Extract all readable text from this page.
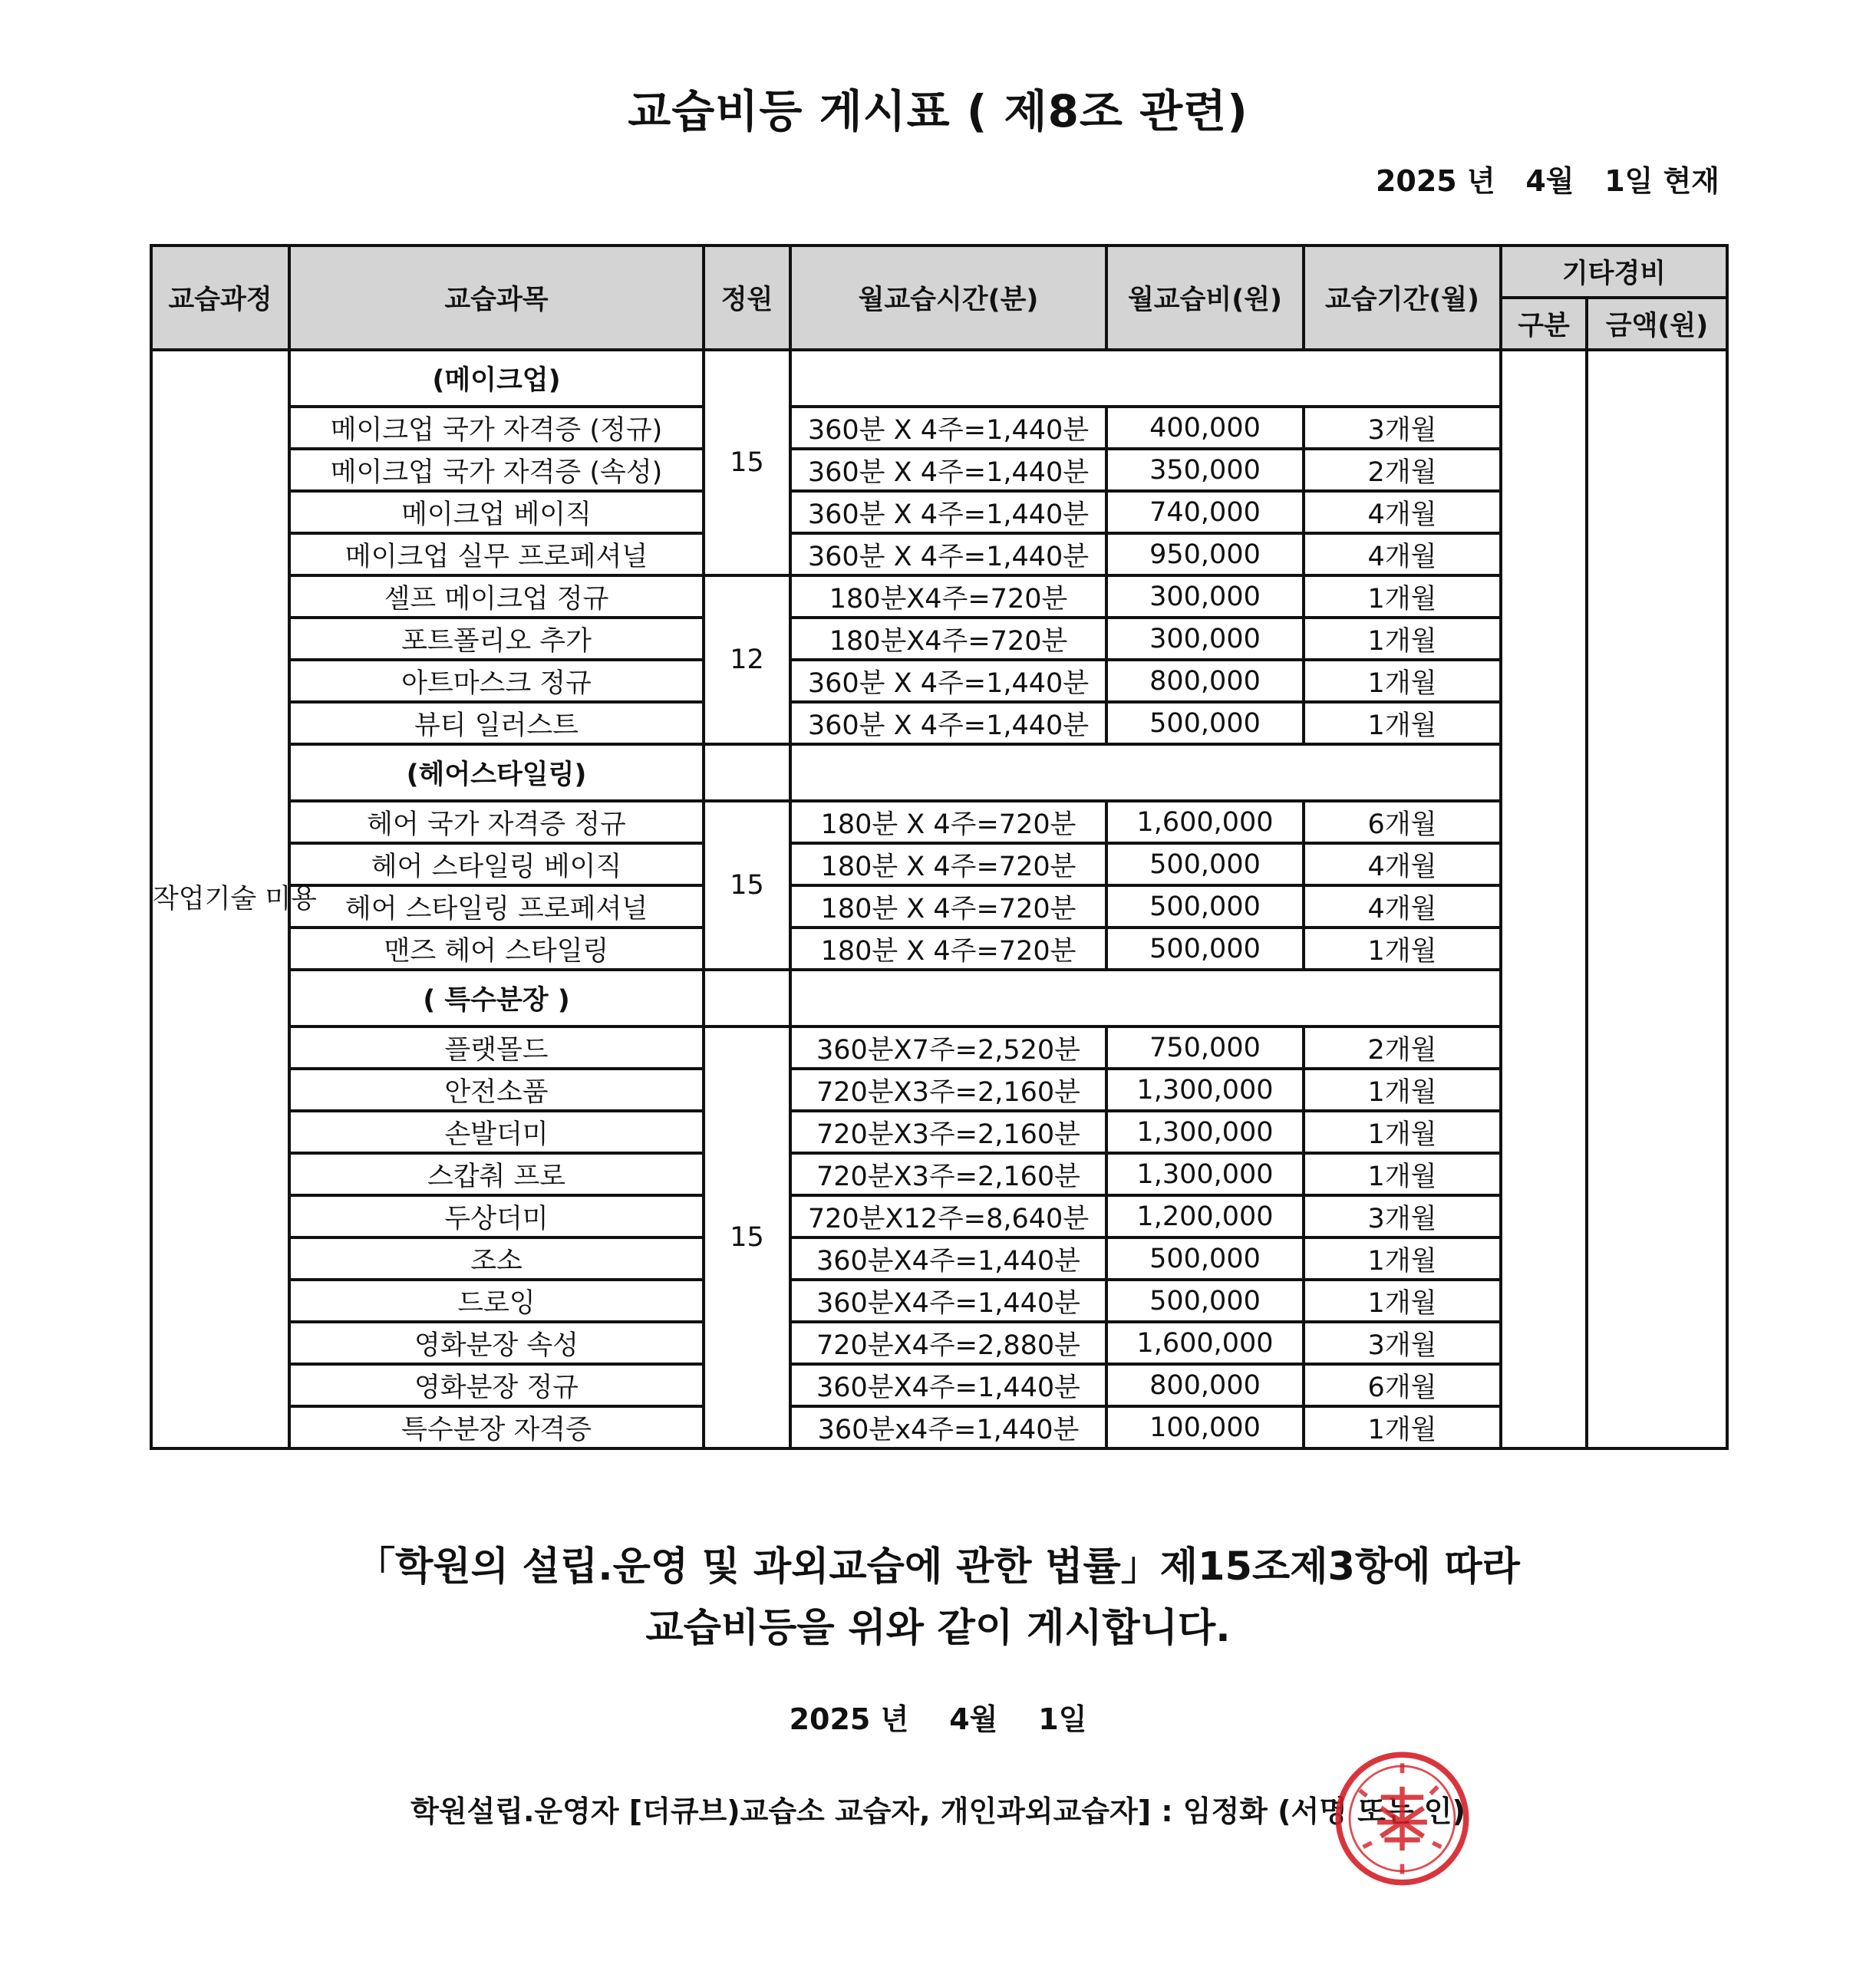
교습비등 게시표 ( 제8조 관련)
2025 년   4월   1일 현재
교습과정	교습과목	정원	월교습시간(분)	월교습비(원)	교습기간(월)	기타경비	
						구분	금액(원)
작업기술 미용	(메이크업)	15					
	메이크업 국가 자격증 (정규)		360분 X 4주=1,440분	400,000	3개월		
	메이크업 국가 자격증 (속성)		360분 X 4주=1,440분	350,000	2개월		
	메이크업 베이직		360분 X 4주=1,440분	740,000	4개월		
	메이크업 실무 프로페셔널		360분 X 4주=1,440분	950,000	4개월		
	셀프 메이크업 정규	12	180분X4주=720분	300,000	1개월		
	포트폴리오 추가		180분X4주=720분	300,000	1개월		
	아트마스크 정규		360분 X 4주=1,440분	800,000	1개월		
	뷰티 일러스트		360분 X 4주=1,440분	500,000	1개월		
	(헤어스타일링)						
	헤어 국가 자격증 정규	15	180분 X 4주=720분	1,600,000	6개월		
	헤어 스타일링 베이직		180분 X 4주=720분	500,000	4개월		
	헤어 스타일링 프로페셔널		180분 X 4주=720분	500,000	4개월		
	맨즈 헤어 스타일링		180분 X 4주=720분	500,000	1개월		
	( 특수분장 )						
	플랫몰드	15	360분X7주=2,520분	750,000	2개월		
	안전소품		720분X3주=2,160분	1,300,000	1개월		
	손발더미		720분X3주=2,160분	1,300,000	1개월		
	스캅춰 프로		720분X3주=2,160분	1,300,000	1개월		
	두상더미		720분X12주=8,640분	1,200,000	3개월		
	조소		360분X4주=1,440분	500,000	1개월		
	드로잉		360분X4주=1,440분	500,000	1개월		
	영화분장 속성		720분X4주=2,880분	1,600,000	3개월		
	영화분장 정규		360분X4주=1,440분	800,000	6개월		
	특수분장 자격증		360분x4주=1,440분	100,000	1개월		
「학원의 설립.운영 및 과외교습에 관한 법률」제15조제3항에 따라
교습비등을 위와 같이 게시합니다.
2025 년    4월    1일
학원설립.운영자 [더큐브)교습소 교습자, 개인과외교습자] : 임정화 (서명 또는 인)
